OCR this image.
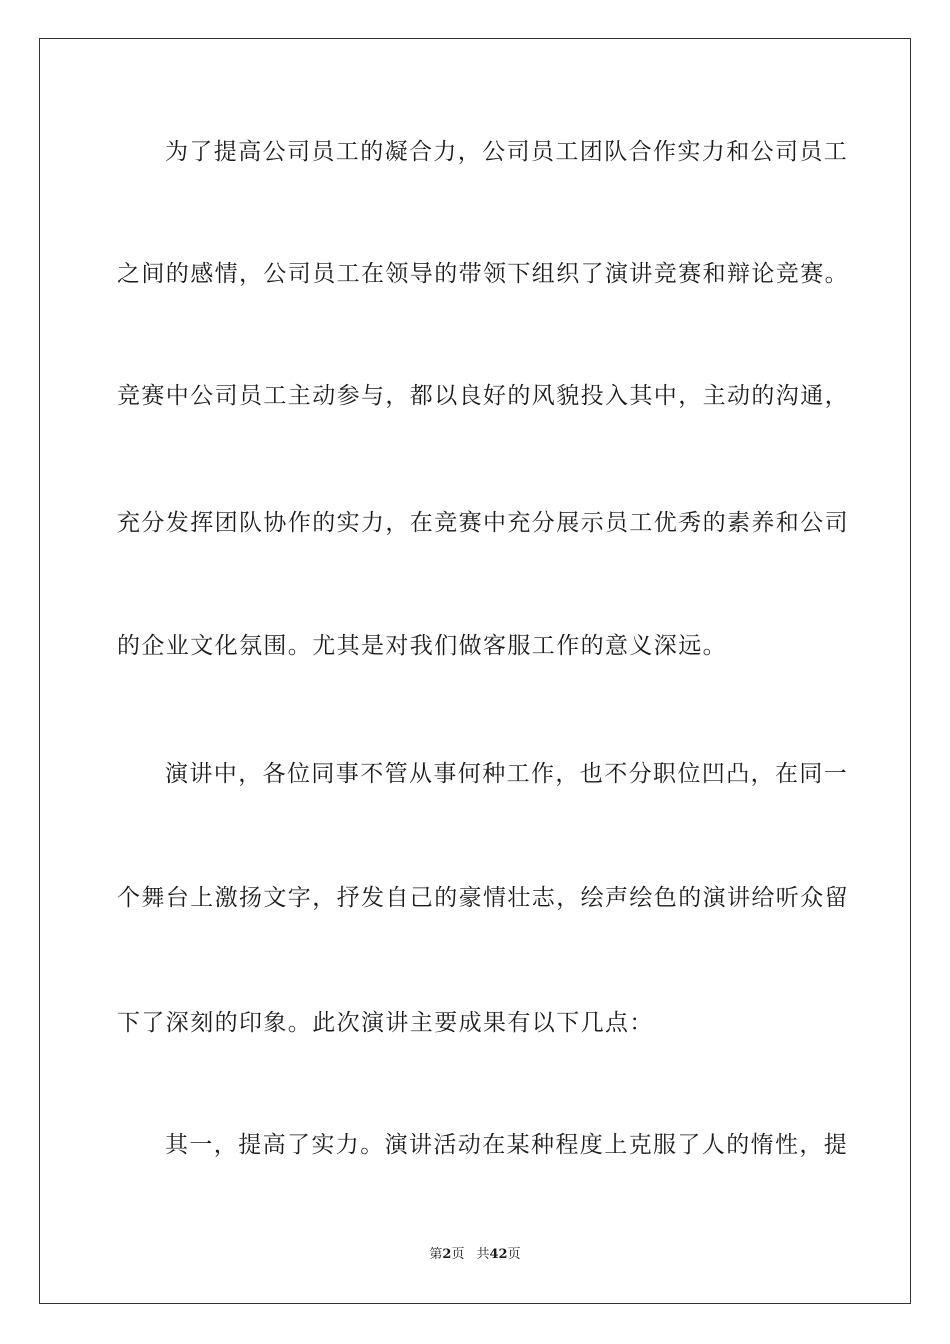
为了提高公司员工的凝合力，公司员工团队合作实力和公司员工
之间的感情，公司员工在领导的带领下组织了演讲竞赛和辩论竞赛。
竞赛中公司员工主动参与，都以良好的风貌投入其中，主动的沟通，
充分发挥团队协作的实力，在竞赛中充分展示员工优秀的素养和公司
的企业文化氛围。尤其是对我们做客服工作的意义深远。
演讲中，各位同事不管从事何种工作，也不分职位凹凸，在同一
个舞台上激扬文字，抒发自己的豪情壮志，绘声绘色的演讲给听众留
下了深刻的印象。此次演讲主要成果有以下几点：
其一，提高了实力。演讲活动在某种程度上克服了人的惰性，提
第2页 共42页
